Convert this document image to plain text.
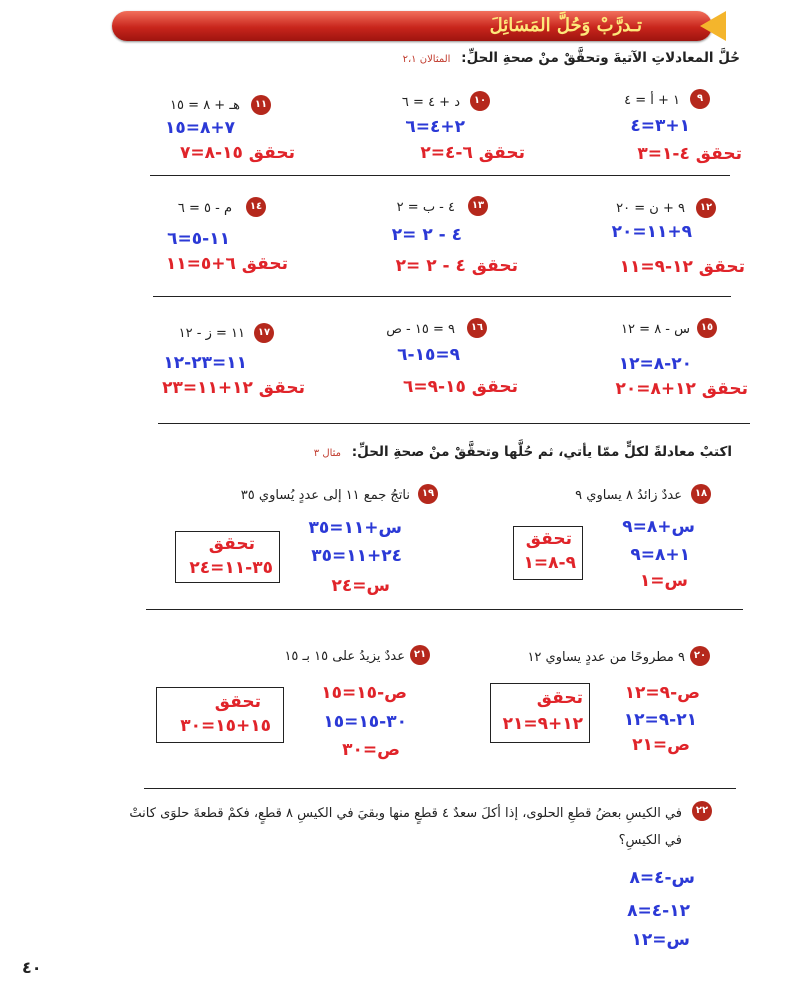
تـدرَّبْ وَحُلَّ المَسَائِلَ
حُلَّ المعادلاتِ الآتيةَ وتحقَّقْ منْ صحةِ الحلِّ: المثالان ٢،١
٩
١ + أ = ٤
١+٣=٤
تحقق ٤-١=٣
١٠
د + ٤ = ٦
٢+٤=٦
تحقق ٦-٤=٢
١١
هـ + ٨ = ١٥
٧+٨=١٥
تحقق ١٥-٨=٧
١٢
٩ + ن = ٢٠
٩+١١=٢٠
تحقق ١٢-٩=١١
١٣
٤ - ب = ٢
٤ - ٢ =٢
تحقق ٤ - ٢ =٢
١٤
م - ٥ = ٦
١١-٥=٦
تحقق ٦+٥=١١
١٥
س - ٨ = ١٢
٢٠-٨=١٢
تحقق ١٢+٨=٢٠
١٦
٩ = ١٥ - ص
٩=١٥-٦
تحقق ١٥-٩=٦
١٧
١١ = ز - ١٢
١١=٢٣-١٢
تحقق ١٢+١١=٢٣
اكتبْ معادلةً لكلٍّ ممّا يأتي، ثم حُلَّها وتحقَّقْ منْ صحةِ الحلِّ: مثال ٣
١٨
عددٌ زائدُ ٨ يساوي ٩
س+٨=٩
١+٨=٩
س=١
تحقق
٩-٨=١
١٩
ناتجُ جمع ١١ إلى عددٍ يُساوي ٣٥
س+١١=٣٥
٢٤+١١=٣٥
س=٢٤
تحقق
٣٥-١١=٢٤
٢٠
٩ مطروحًا من عددٍ يساوي ١٢
ص-٩=١٢
٢١-٩=١٢
ص=٢١
تحقق
١٢+٩=٢١
٢١
عددٌ يزيدُ على ١٥ بـ ١٥
ص-١٥=١٥
٣٠-١٥=١٥
ص=٣٠
تحقق
١٥+١٥=٣٠
٢٢
في الكيسِ بعضُ قطعِ الحلوى، إذا أكلَ سعدٌ ٤ قطعٍ منها وبقيَ في الكيسِ ٨ قطعٍ، فكمْ قطعةَ حلوَى كانتْ
في الكيسِ؟
س-٤=٨
١٢-٤=٨
س=١٢
٤٠
